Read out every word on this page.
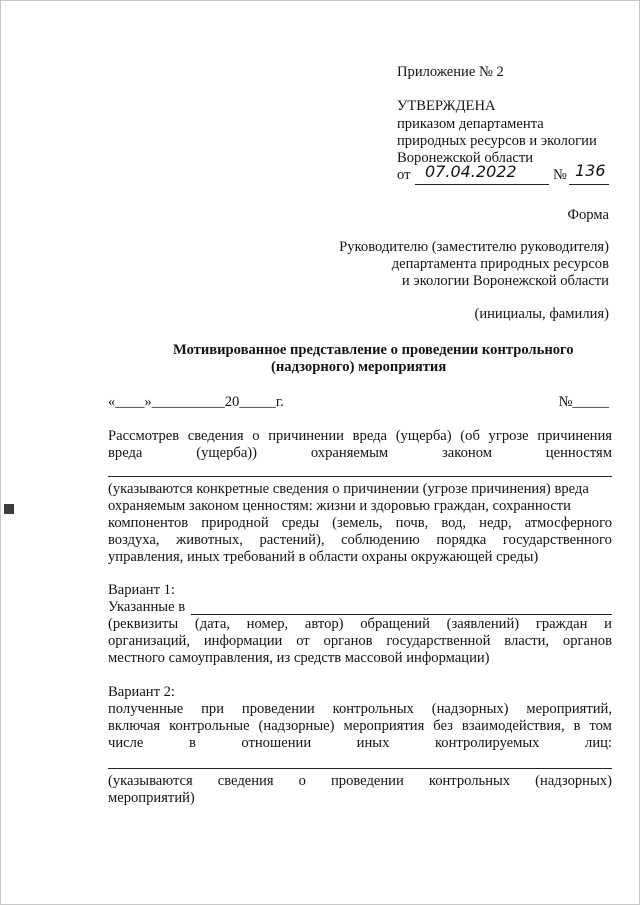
Приложение № 2
УТВЕРЖДЕНА
приказом департамента
природных ресурсов и экологии
Воронежской области
от 07.04.2022 № 136
Форма
Руководителю (заместителю руководителя)
департамента природных ресурсов
и экологии Воронежской области
(инициалы, фамилия)
Мотивированное представление о проведении контрольного
(надзорного) мероприятия
«____»__________20_____г.	№_____
Рассмотрев сведения о причинении вреда (ущерба) (об угрозе причинения
вреда	(ущерба))	охраняемым	законом	ценностям
(указываются конкретные сведения о причинении (угрозе причинения) вреда
охраняемым законом ценностям: жизни и здоровью граждан, сохранности
компонентов природной среды (земель, почв, вод, недр, атмосферного
воздуха, животных, растений), соблюдению порядка государственного
управления, иных требований в области охраны окружающей среды)
Вариант 1:
Указанные в
(реквизиты (дата, номер, автор) обращений (заявлений) граждан и
организаций, информации от органов государственной власти, органов
местного самоуправления, из средств массовой информации)
Вариант 2:
полученные при проведении контрольных (надзорных) мероприятий,
включая контрольные (надзорные) мероприятия без взаимодействия, в том
числе	в	отношении	иных	контролируемых	лиц:
(указываются сведения о проведении контрольных (надзорных)
мероприятий)
